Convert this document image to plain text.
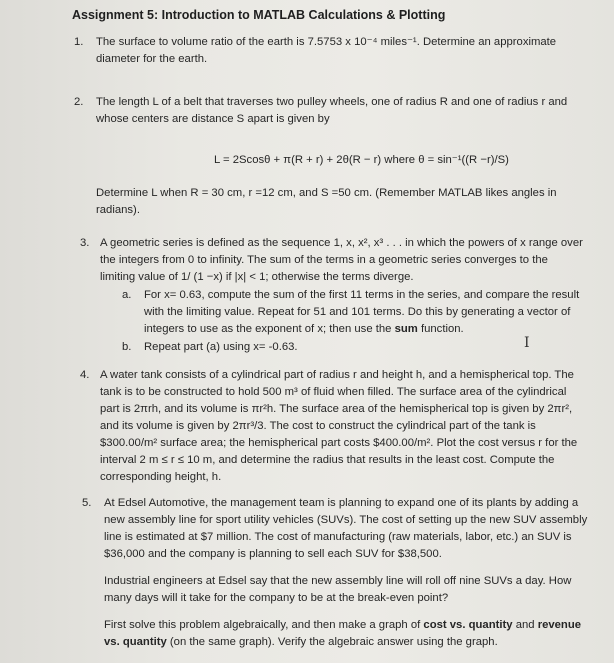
Assignment 5: Introduction to MATLAB Calculations & Plotting
1. The surface to volume ratio of the earth is 7.5753 x 10⁻⁴ miles⁻¹. Determine an approximate
diameter for the earth.
2. The length L of a belt that traverses two pulley wheels, one of radius R and one of radius r and
whose centers are distance S apart is given by
L = 2Scosθ + π(R + r) + 2θ(R − r) where θ = sin⁻¹((R −r)/S)
Determine L when R = 30 cm, r =12 cm, and S =50 cm. (Remember MATLAB likes angles in
radians).
3. A geometric series is defined as the sequence 1, x, x², x³ . . . in which the powers of x range over
the integers from 0 to infinity. The sum of the terms in a geometric series converges to the
limiting value of 1/ (1 −x) if |x| < 1; otherwise the terms diverge.
a. For x= 0.63, compute the sum of the first 11 terms in the series, and compare the result
with the limiting value. Repeat for 51 and 101 terms. Do this by generating a vector of
integers to use as the exponent of x; then use the sum function.
b. Repeat part (a) using x= -0.63.	I
4. A water tank consists of a cylindrical part of radius r and height h, and a hemispherical top. The
tank is to be constructed to hold 500 m³ of fluid when filled. The surface area of the cylindrical
part is 2πrh, and its volume is πr²h. The surface area of the hemispherical top is given by 2πr²,
and its volume is given by 2πr³/3. The cost to construct the cylindrical part of the tank is
$300.00/m² surface area; the hemispherical part costs $400.00/m². Plot the cost versus r for the
interval 2 m ≤ r ≤ 10 m, and determine the radius that results in the least cost. Compute the
corresponding height, h.
5. At Edsel Automotive, the management team is planning to expand one of its plants by adding a
new assembly line for sport utility vehicles (SUVs). The cost of setting up the new SUV assembly
line is estimated at $7 million. The cost of manufacturing (raw materials, labor, etc.) an SUV is
$36,000 and the company is planning to sell each SUV for $38,500.
Industrial engineers at Edsel say that the new assembly line will roll off nine SUVs a day. How
many days will it take for the company to be at the break-even point?
First solve this problem algebraically, and then make a graph of cost vs. quantity and revenue
vs. quantity (on the same graph). Verify the algebraic answer using the graph.
